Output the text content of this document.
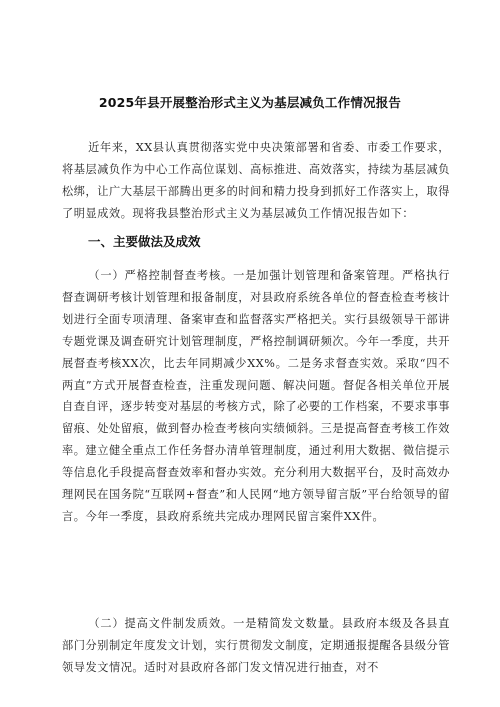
2025年县开展整治形式主义为基层减负工作情况报告

近年来，XX县认真贯彻落实党中央决策部署和省委、市委工作要求，将基层减负作为中心工作高位谋划、高标推进、高效落实，持续为基层减负松绑，让广大基层干部腾出更多的时间和精力投身到抓好工作落实上，取得了明显成效。现将我县整治形式主义为基层减负工作情况报告如下：

一、主要做法及成效

（一）严格控制督查考核。一是加强计划管理和备案管理。严格执行督查调研考核计划管理和报备制度，对县政府系统各单位的督查检查考核计划进行全面专项清理、备案审查和监督落实严格把关。实行县级领导干部讲专题党课及调查研究计划管理制度，严格控制调研频次。今年一季度，共开展督查考核XX次，比去年同期减少XX%。二是务求督查实效。采取“四不两直”方式开展督查检查，注重发现问题、解决问题。督促各相关单位开展自查自评，逐步转变对基层的考核方式，除了必要的工作档案，不要求事事留痕、处处留痕，做到督办检查考核向实绩倾斜。三是提高督查考核工作效率。建立健全重点工作任务督办清单管理制度，通过利用大数据、微信提示等信息化手段提高督查效率和督办实效。充分利用大数据平台，及时高效办理网民在国务院“互联网+督查”和人民网“地方领导留言版”平台给领导的留言。今年一季度，县政府系统共完成办理网民留言案件XX件。

（二）提高文件制发质效。一是精简发文数量。县政府本级及各县直部门分别制定年度发文计划，实行贯彻发文制度，定期通报提醒各县级分管领导发文情况。适时对县政府各部门发文情况进行抽查，对不
